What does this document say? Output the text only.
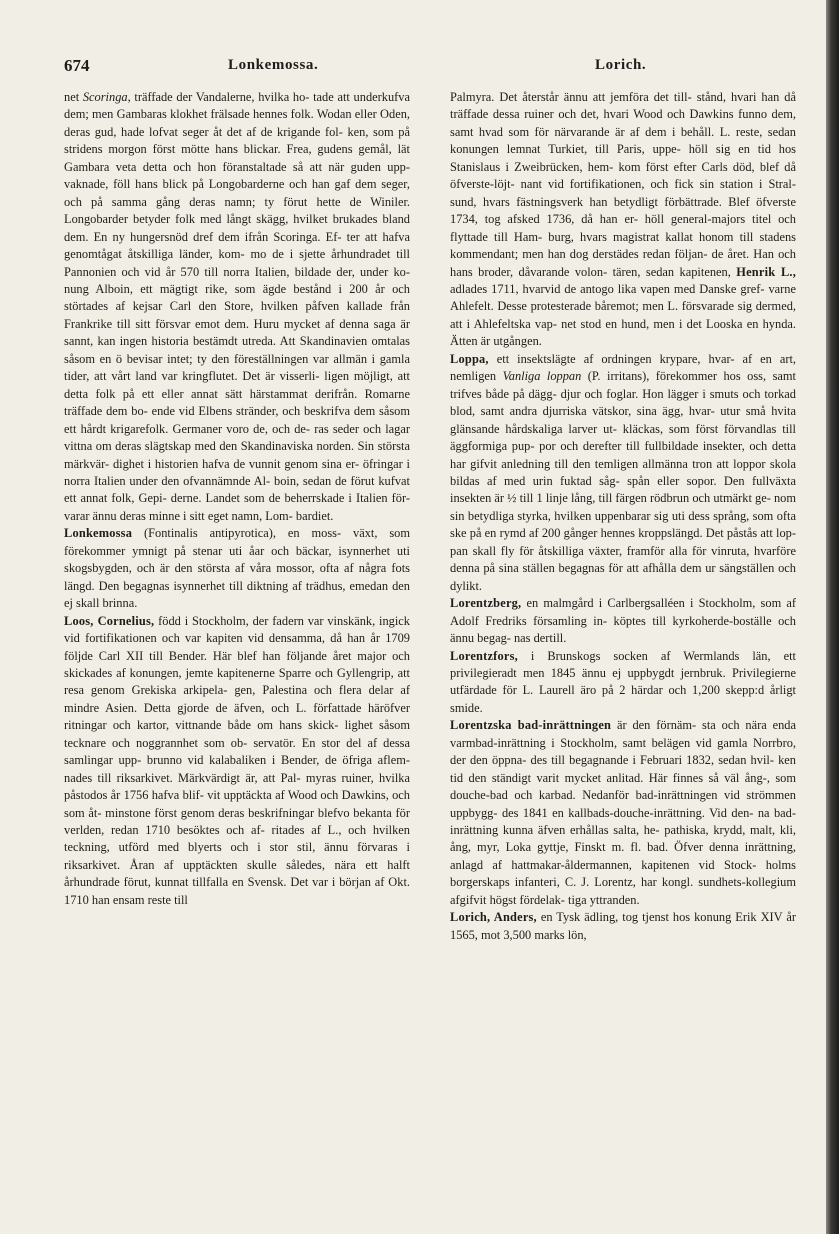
674	Lonkemossa.	Lorich.

net Scoringa, träffade der Vandalerne, hvilka ho- tade att underkufva dem; men Gambaras klokhet frälsade hennes folk. Wodan eller Oden, deras gud, hade lofvat seger åt det af de krigande fol- ken, som på stridens morgon först mötte hans blickar. Frea, gudens gemål, lät Gambara veta detta och hon föranstaltade så att när guden upp- vaknade, föll hans blick på Longobarderne och han gaf dem seger, och på samma gång deras namn; ty förut hette de Winiler. Longobarder betyder folk med långt skägg, hvilket brukades bland dem. En ny hungersnöd dref dem ifrån Scoringa. Ef- ter att hafva genomtågat åtskilliga länder, kom- mo de i sjette århundradet till Pannonien och vid år 570 till norra Italien, bildade der, under ko- nung Alboin, ett mägtigt rike, som ägde bestånd i 200 år och störtades af kejsar Carl den Store, hvilken påfven kallade från Frankrike till sitt försvar emot dem. Huru mycket af denna saga är sannt, kan ingen historia bestämdt utreda. Att Skandinavien omtalas såsom en ö bevisar intet; ty den föreställningen var allmän i gamla tider, att vårt land var kringflutet. Det är visserli- ligen möjligt, att detta folk på ett eller annat sätt härstammat derifrån. Romarne träffade dem bo- ende vid Elbens stränder, och beskrifva dem såsom ett hårdt krigarefolk. Germaner voro de, och de- ras seder och lagar vittna om deras slägtskap med den Skandinaviska norden. Sin största märkvär- dighet i historien hafva de vunnit genom sina er- öfringar i norra Italien under den ofvannämnde Al- boin, sedan de förut kufvat ett annat folk, Gepi- derne. Landet som de beherrskade i Italien för- varar ännu deras minne i sitt eget namn, Lom- bardiet.

Lonkemossa (Fontinalis antipyrotica), en moss- växt, som förekommer ymnigt på stenar uti åar och bäckar, isynnerhet uti skogsbygden, och är den största af våra mossor, ofta af några fots längd. Den begagnas isynnerhet till diktning af trädhus, emedan den ej skall brinna.

Loos, Cornelius, född i Stockholm, der fadern var vinskänk, ingick vid fortifikationen och var kapiten vid densamma, då han år 1709 följde Carl XII till Bender. Här blef han följande året major och skickades af konungen, jemte kapitenerne Sparre och Gyllengrip, att resa genom Grekiska arkipela- gen, Palestina och flera delar af mindre Asien. Detta gjorde de äfven, och L. författade häröfver ritningar och kartor, vittnande både om hans skick- lighet såsom tecknare och noggrannhet som ob- servatör. En stor del af dessa samlingar upp- brunno vid kalabaliken i Bender, de öfriga aflem- nades till riksarkivet. Märkvärdigt är, att Pal- myras ruiner, hvilka påstodos år 1756 hafva blif- vit upptäckta af Wood och Dawkins, och som åt- minstone först genom deras beskrifningar blefvo bekanta för verlden, redan 1710 besöktes och af- ritades af L., och hvilken teckning, utförd med blyerts och i stor stil, ännu förvaras i riksarkivet. Åran af upptäckten skulle således, nära ett halft århundrade förut, kunnat tillfalla en Svensk. Det var i början af Okt. 1710 han ensam reste till

Palmyra. Det återstår ännu att jemföra det till- stånd, hvari han då träffade dessa ruiner och det, hvari Wood och Dawkins funno dem, samt hvad som för närvarande är af dem i behåll. L. reste, sedan konungen lemnat Turkiet, till Paris, uppe- höll sig en tid hos Stanislaus i Zweibrücken, hem- kom först efter Carls död, blef då öfverste-löjt- nant vid fortifikationen, och fick sin station i Stral- sund, hvars fästningsverk han betydligt förbättrade. Blef öfverste 1734, tog afsked 1736, då han er- höll general-majors titel och flyttade till Ham- burg, hvars magistrat kallat honom till stadens kommendant; men han dog derstädes redan följan- de året. Han och hans broder, dåvarande volon- tären, sedan kapitenen, Henrik L., adlades 1711, hvarvid de antogo lika vapen med Danske gref- varne Ahlefelt. Desse protesterade båremot; men L. försvarade sig dermed, att i Ahlefeltska vap- net stod en hund, men i det Looska en hynda. Ätten är utgången.

Loppa, ett insektslägte af ordningen krypare, hvar- af en art, nemligen Vanliga loppan (P. irritans), förekommer hos oss, samt trifves både på dägg- djur och foglar. Hon lägger i smuts och torkad blod, samt andra djurriska vätskor, sina ägg, hvar- utur små hvita glänsande hårdskaliga larver ut- kläckas, som först förvandlas till äggformiga pup- por och derefter till fullbildade insekter, och detta har gifvit anledning till den temligen allmänna tron att loppor skola bildas af med urin fuktad såg- spån eller sopor. Den fullväxta insekten är ½ till 1 linje lång, till färgen rödbrun och utmärkt ge- nom sin betydliga styrka, hvilken uppenbarar sig uti dess språng, som ofta ske på en rymd af 200 gånger hennes kroppslängd. Det påstås att lop- pan skall fly för åtskilliga växter, framför alla för vinruta, hvarföre denna på sina ställen begagnas för att afhålla dem ur sängställen och dylikt.

Lorentzberg, en malmgård i Carlbergsalléen i Stockholm, som af Adolf Fredriks församling in- köptes till kyrkoherde-boställe och ännu begag- nas dertill.

Lorentzfors, i Brunskogs socken af Wermlands län, ett privilegieradt men 1845 ännu ej uppbygdt jernbruk. Privilegierne utfärdade för L. Laurell äro på 2 härdar och 1,200 skepp:d årligt smide.

Lorentzska bad-inrättningen är den förnäm- sta och nära enda varmbad-inrättning i Stockholm, samt belägen vid gamla Norrbro, der den öppna- des till begagnande i Februari 1832, sedan hvil- ken tid den ständigt varit mycket anlitad. Här finnes så väl ång-, som douche-bad och karbad. Nedanför bad-inrättningen vid strömmen uppbygg- des 1841 en kallbads-douche-inrättning. Vid den- na bad-inrättning kunna äfven erhållas salta, he- pathiska, krydd, malt, kli, ång, myr, Loka gyttje, Finskt m. fl. bad. Öfver denna inrättning, anlagd af hattmakar-åldermannen, kapitenen vid Stock- holms borgerskaps infanteri, C. J. Lorentz, har kongl. sundhets-kollegium afgifvit högst fördelak- tiga yttranden.

Lorich, Anders, en Tysk ädling, tog tjenst hos konung Erik XIV år 1565, mot 3,500 marks lön,
